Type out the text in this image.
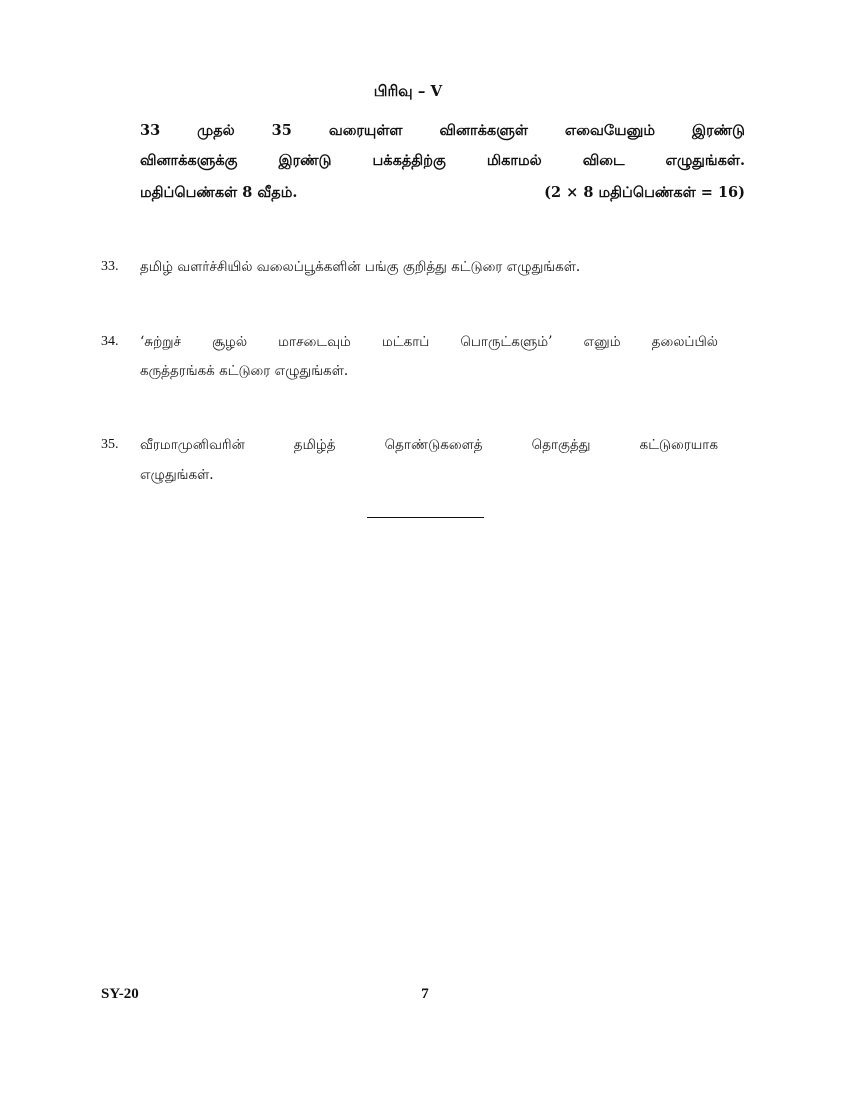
பிரிவு – V
33 முதல் 35 வரையுள்ள வினாக்களுள் எவையேனும் இரண்டு
வினாக்களுக்கு இரண்டு பக்கத்திற்கு மிகாமல் விடை எழுதுங்கள்.
மதிப்பெண்கள் 8 வீதம்.	(2 × 8 மதிப்பெண்கள் = 16)
33. தமிழ் வளர்ச்சியில் வலைப்பூக்களின் பங்கு குறித்து கட்டுரை எழுதுங்கள்.
34. ‘சுற்றுச் சூழல் மாசடைவும் மட்காப் பொருட்களும்’ எனும் தலைப்பில்
கருத்தரங்கக் கட்டுரை எழுதுங்கள்.
35. வீரமாமுனிவரின் தமிழ்த் தொண்டுகளைத் தொகுத்து கட்டுரையாக
எழுதுங்கள்.
SY-20	7
